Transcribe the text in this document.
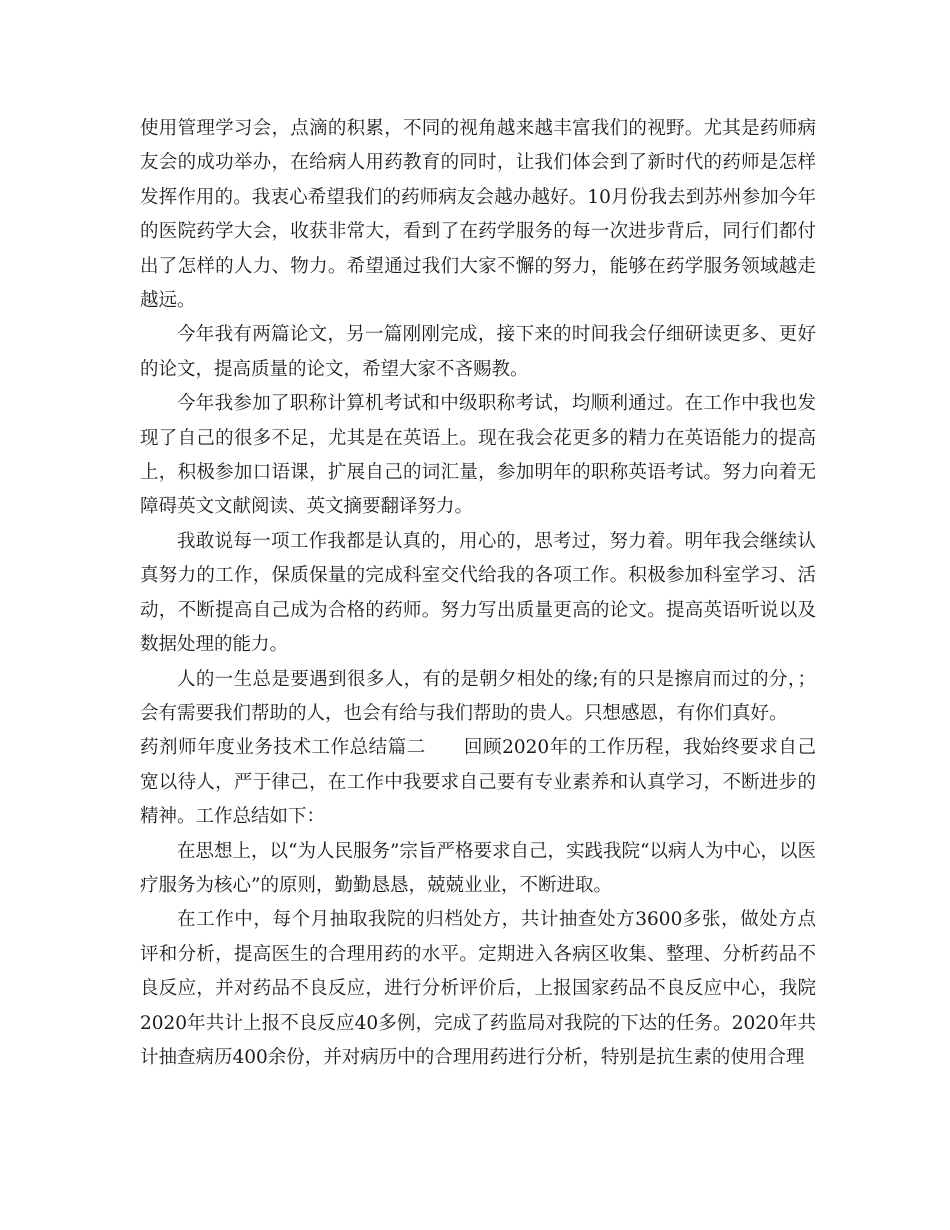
使用管理学习会，点滴的积累，不同的视角越来越丰富我们的视野。尤其是药师病友会的成功举办，在给病人用药教育的同时，让我们体会到了新时代的药师是怎样发挥作用的。我衷心希望我们的药师病友会越办越好。10月份我去到苏州参加今年的医院药学大会，收获非常大，看到了在药学服务的每一次进步背后，同行们都付出了怎样的人力、物力。希望通过我们大家不懈的努力，能够在药学服务领域越走越远。

今年我有两篇论文，另一篇刚刚完成，接下来的时间我会仔细研读更多、更好的论文，提高质量的论文，希望大家不吝赐教。

今年我参加了职称计算机考试和中级职称考试，均顺利通过。在工作中我也发现了自己的很多不足，尤其是在英语上。现在我会花更多的精力在英语能力的提高上，积极参加口语课，扩展自己的词汇量，参加明年的职称英语考试。努力向着无障碍英文文献阅读、英文摘要翻译努力。

我敢说每一项工作我都是认真的，用心的，思考过，努力着。明年我会继续认真努力的工作，保质保量的完成科室交代给我的各项工作。积极参加科室学习、活动，不断提高自己成为合格的药师。努力写出质量更高的论文。提高英语听说以及数据处理的能力。

人的一生总是要遇到很多人，有的是朝夕相处的缘;有的只是擦肩而过的分，；会有需要我们帮助的人，也会有给与我们帮助的贵人。只想感恩，有你们真好。

药剂师年度业务技术工作总结篇二　　 回顾2020年的工作历程，我始终要求自己宽以待人，严于律己，在工作中我要求自己要有专业素养和认真学习，不断进步的精神。工作总结如下：

在思想上，以“为人民服务”宗旨严格要求自己，实践我院“以病人为中心，以医疗服务为核心”的原则，勤勤恳恳，兢兢业业，不断进取。

在工作中，每个月抽取我院的归档处方，共计抽查处方3600多张，做处方点评和分析，提高医生的合理用药的水平。定期进入各病区收集、整理、分析药品不良反应，并对药品不良反应，进行分析评价后，上报国家药品不良反应中心，我院2020年共计上报不良反应40多例，完成了药监局对我院的下达的任务。2020年共计抽查病历400余份，并对病历中的合理用药进行分析，特别是抗生素的使用合理
